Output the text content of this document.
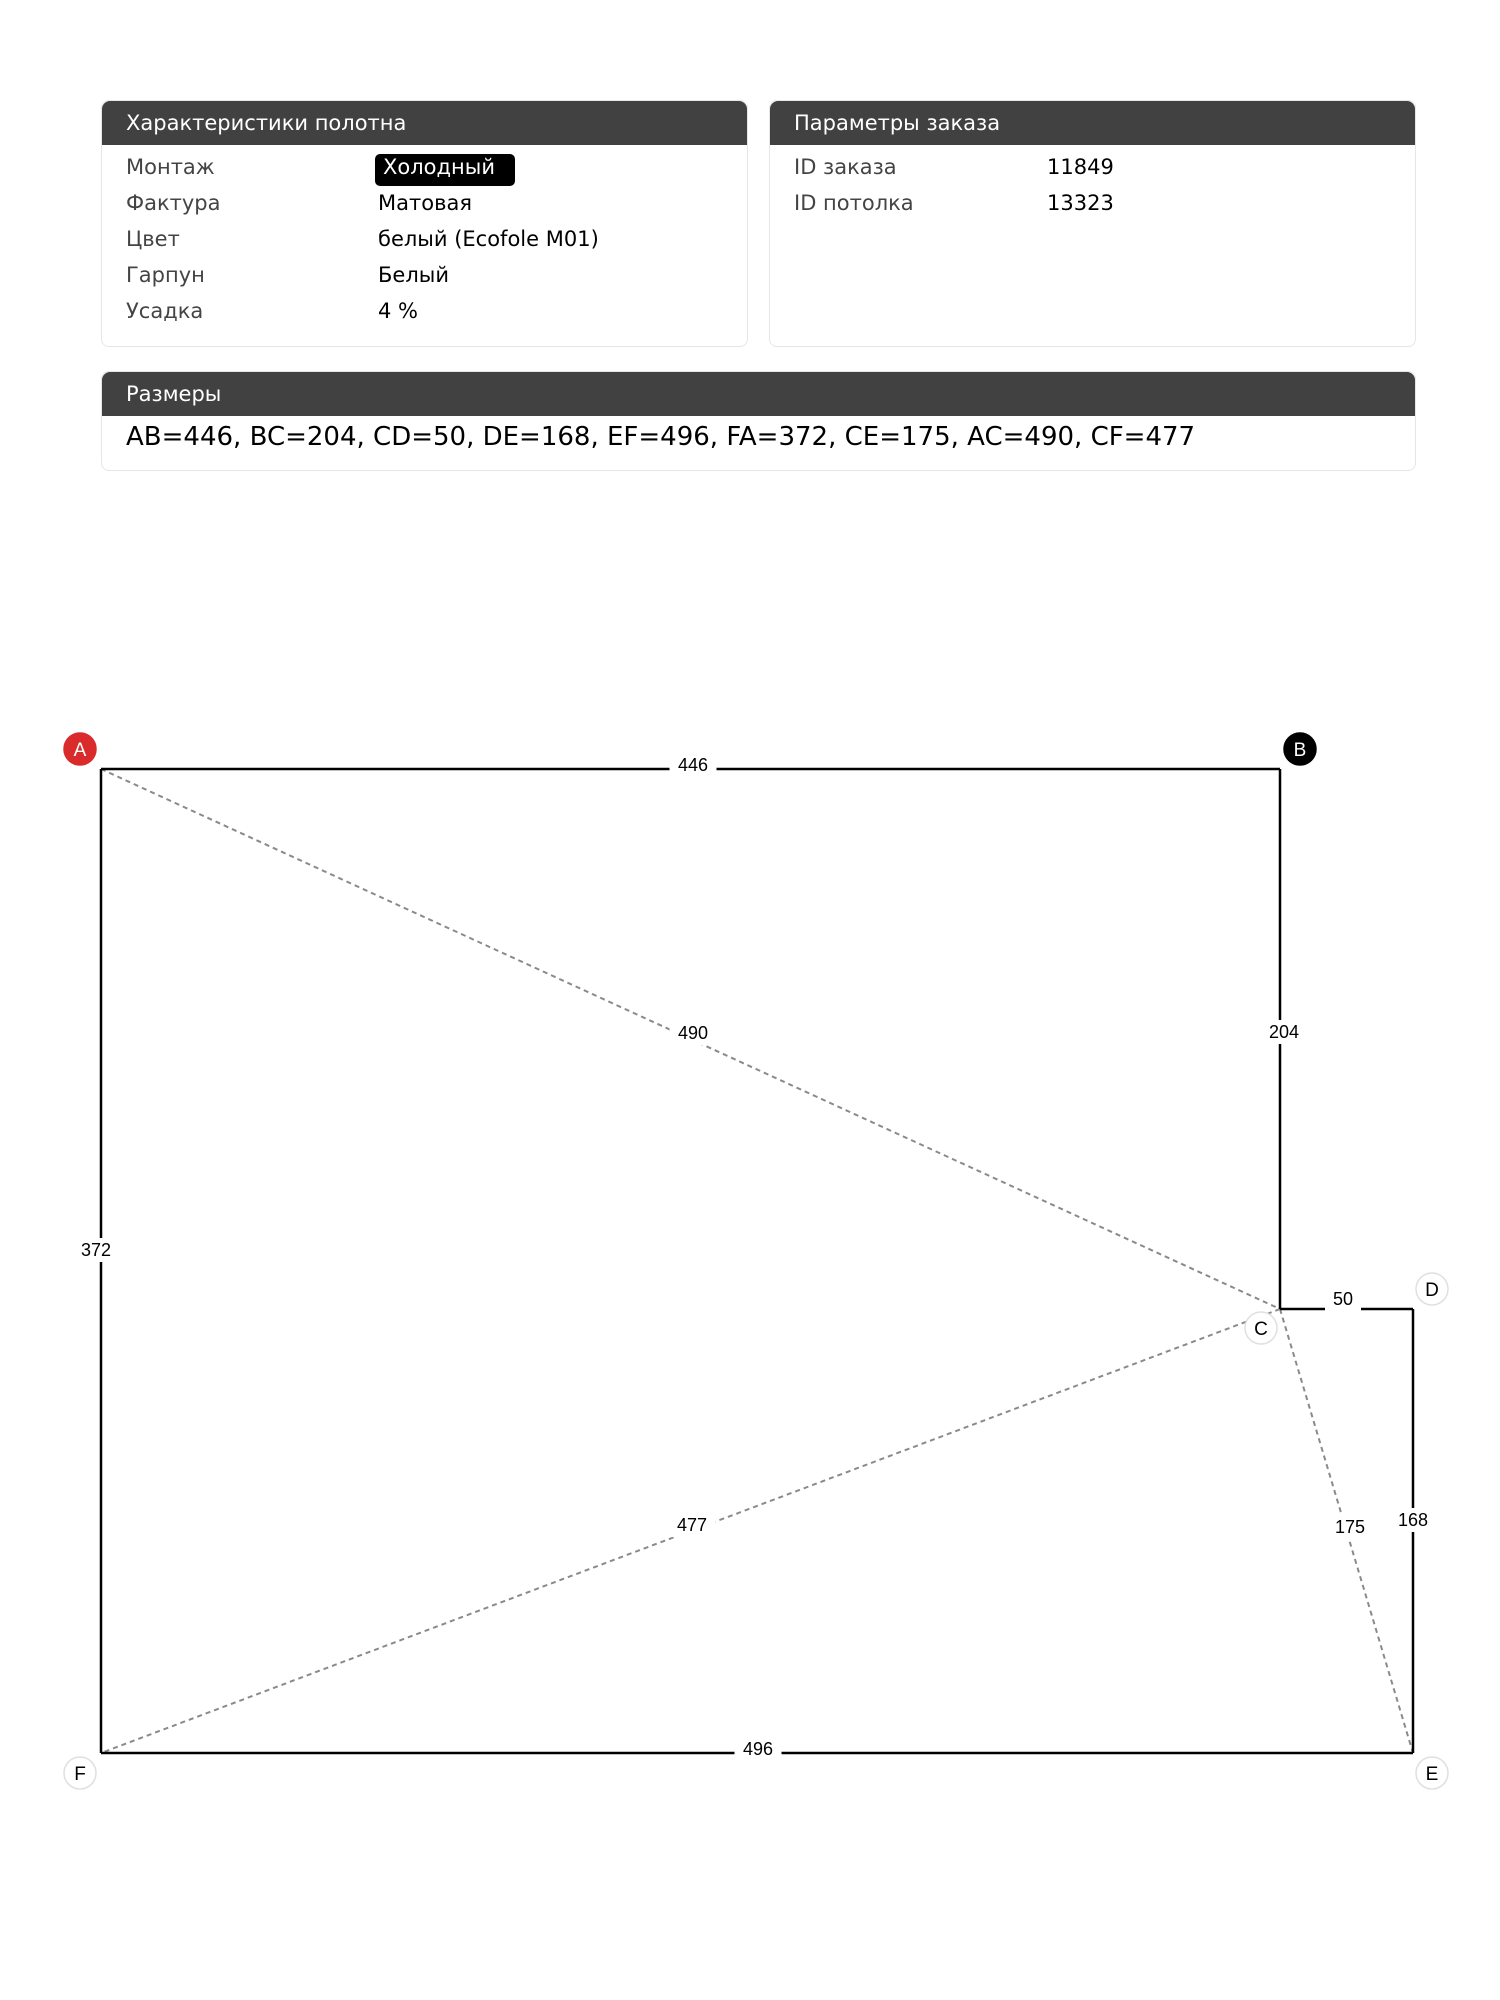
Характеристики полотна
Монтаж	Холодный
Фактура	Матовая
Цвет	белый (Ecofole M01)
Гарпун	Белый
Усадка	4 %
Параметры заказа
ID заказа	11849
ID потолка	13323
Размеры
AB=446, BC=204, CD=50, DE=168, EF=496, FA=372, CE=175, AC=490, CF=477
490
477	175
446
204
50
168
496
372
A	B
C
D
E
F
